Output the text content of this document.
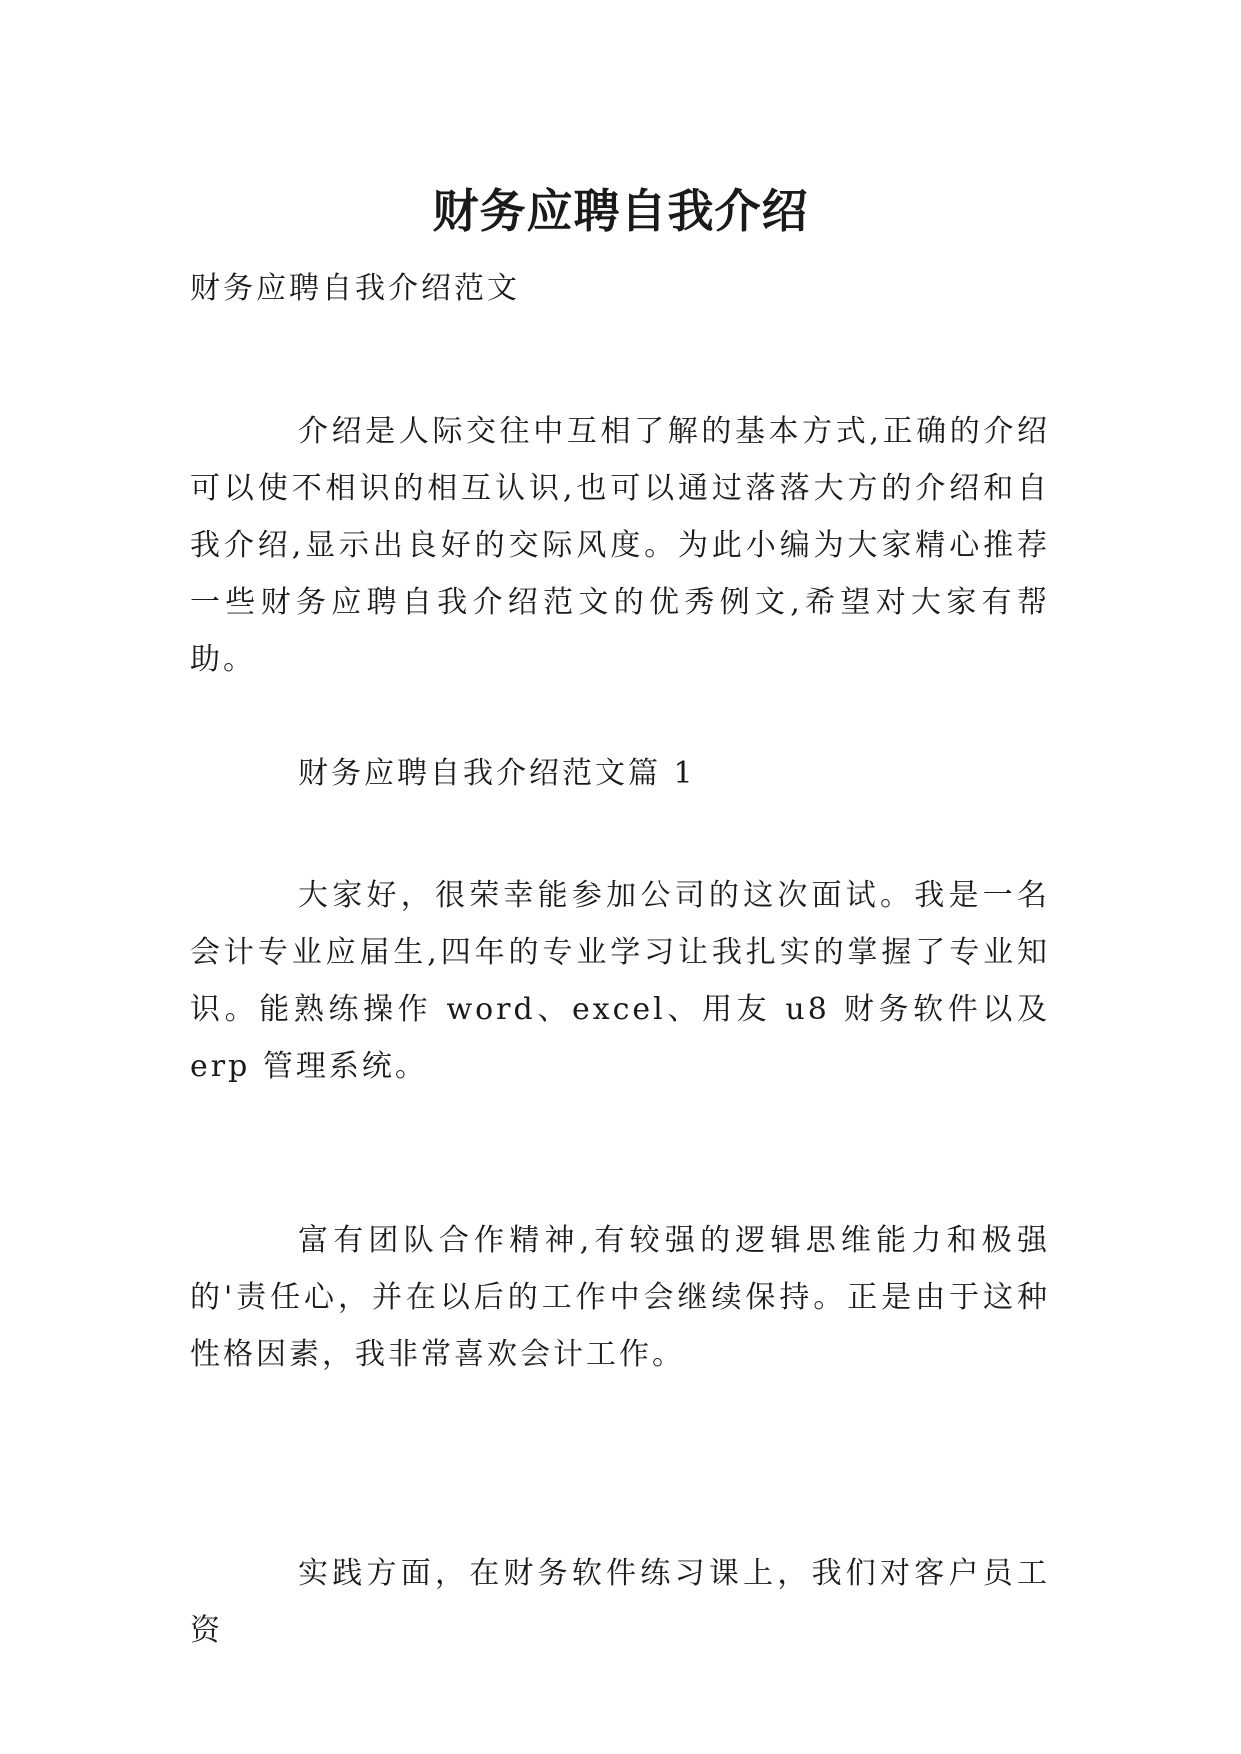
财务应聘自我介绍

财务应聘自我介绍范文

介绍是人际交往中互相了解的基本方式,正确的介绍可以使不相识的相互认识,也可以通过落落大方的介绍和自我介绍,显示出良好的交际风度。为此小编为大家精心推荐一些财务应聘自我介绍范文的优秀例文,希望对大家有帮助。

财务应聘自我介绍范文篇 1

大家好，很荣幸能参加公司的这次面试。我是一名会计专业应届生,四年的专业学习让我扎实的掌握了专业知识。能熟练操作 word、excel、用友 u8 财务软件以及 erp 管理系统。

富有团队合作精神,有较强的逻辑思维能力和极强的'责任心，并在以后的工作中会继续保持。正是由于这种性格因素，我非常喜欢会计工作。

实践方面，在财务软件练习课上，我们对客户员工资
